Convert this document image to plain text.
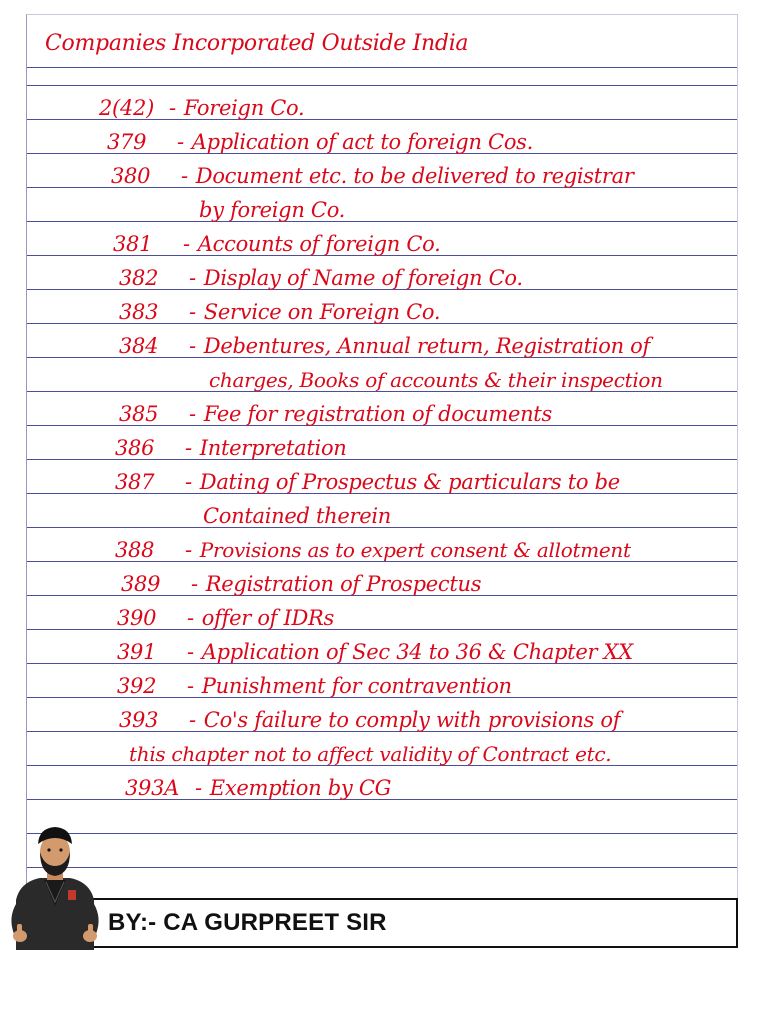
Companies Incorporated Outside India
2(42) - Foreign Co.
379	- Application of act to foreign Cos.
380	- Document etc. to be delivered to registrar
by foreign Co.
381	- Accounts of foreign Co.
382	- Display of Name of foreign Co.
383	- Service on Foreign Co.
384	- Debentures, Annual return, Registration of
charges, Books of accounts & their inspection
385	- Fee for registration of documents
386	- Interpretation
387	- Dating of Prospectus & particulars to be
Contained therein
388	- Provisions as to expert consent & allotment
389	- Registration of Prospectus
390	- offer of IDRs
391	- Application of Sec 34 to 36 & Chapter XX
392	- Punishment for contravention
393	- Co's failure to comply with provisions of
this chapter not to affect validity of Contract etc.
393A - Exemption by CG
BY:- CA GURPREET SIR
